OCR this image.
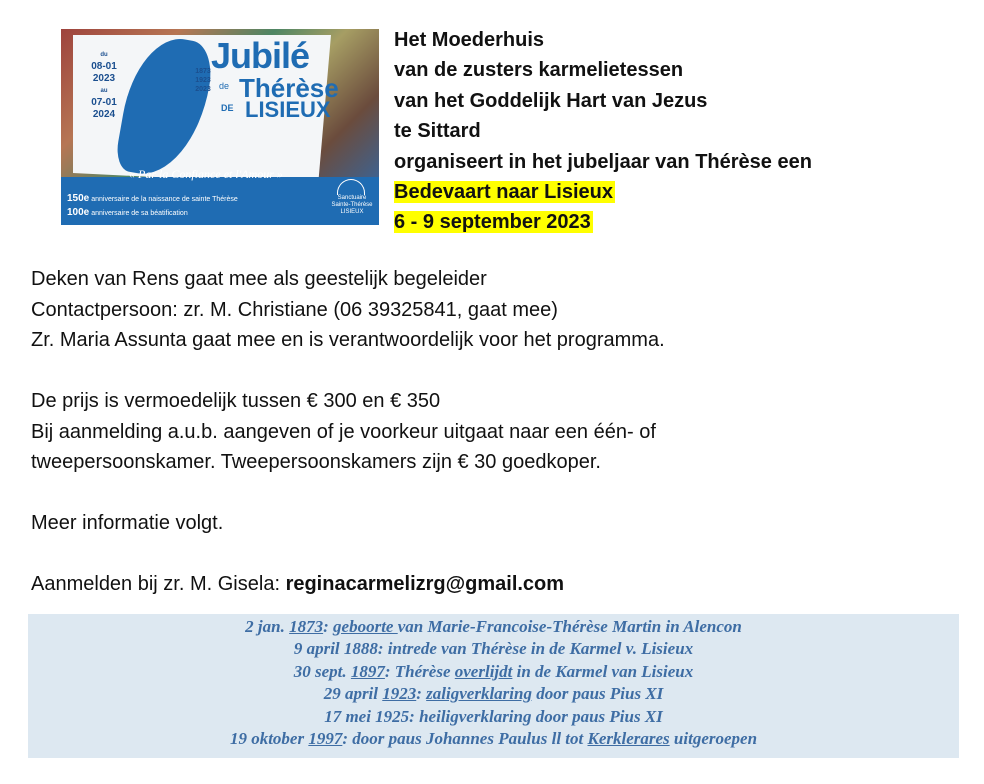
du
08-01
2023
au
07-01
2024
1873
1923
2023
Jubilé
de Thérèse
DE LISIEUX
« Par la Confiance et l'Amour »
150e anniversaire de la naissance de sainte Thérèse
100e anniversaire de sa béatification
Sanctuaire
Sainte-Thérèse
LISIEUX
Het Moederhuis
van de zusters karmelietessen
van het Goddelijk Hart van Jezus
te Sittard
organiseert in het jubeljaar van Thérèse een
Bedevaart naar Lisieux
6 - 9 september 2023

Deken van Rens gaat mee als geestelijk begeleider

Contactpersoon: zr. M. Christiane (06 39325841, gaat mee)

Zr. Maria Assunta gaat mee en is verantwoordelijk voor het programma.

De prijs is vermoedelijk tussen € 300 en € 350

Bij aanmelding a.u.b. aangeven of je voorkeur uitgaat naar een één- of

tweepersoonskamer. Tweepersoonskamers zijn € 30 goedkoper.

Meer informatie volgt.

Aanmelden bij zr. M. Gisela: reginacarmelizrg@gmail.com

2 jan. 1873: geboorte van Marie-Francoise-Thérèse Martin in Alencon
9 april 1888: intrede van Thérèse in de Karmel v. Lisieux
30 sept. 1897: Thérèse overlijdt in de Karmel van Lisieux
29 april 1923: zaligverklaring door paus Pius XI
17 mei 1925: heiligverklaring door paus Pius XI
19 oktober 1997: door paus Johannes Paulus ll tot Kerklerares uitgeroepen
